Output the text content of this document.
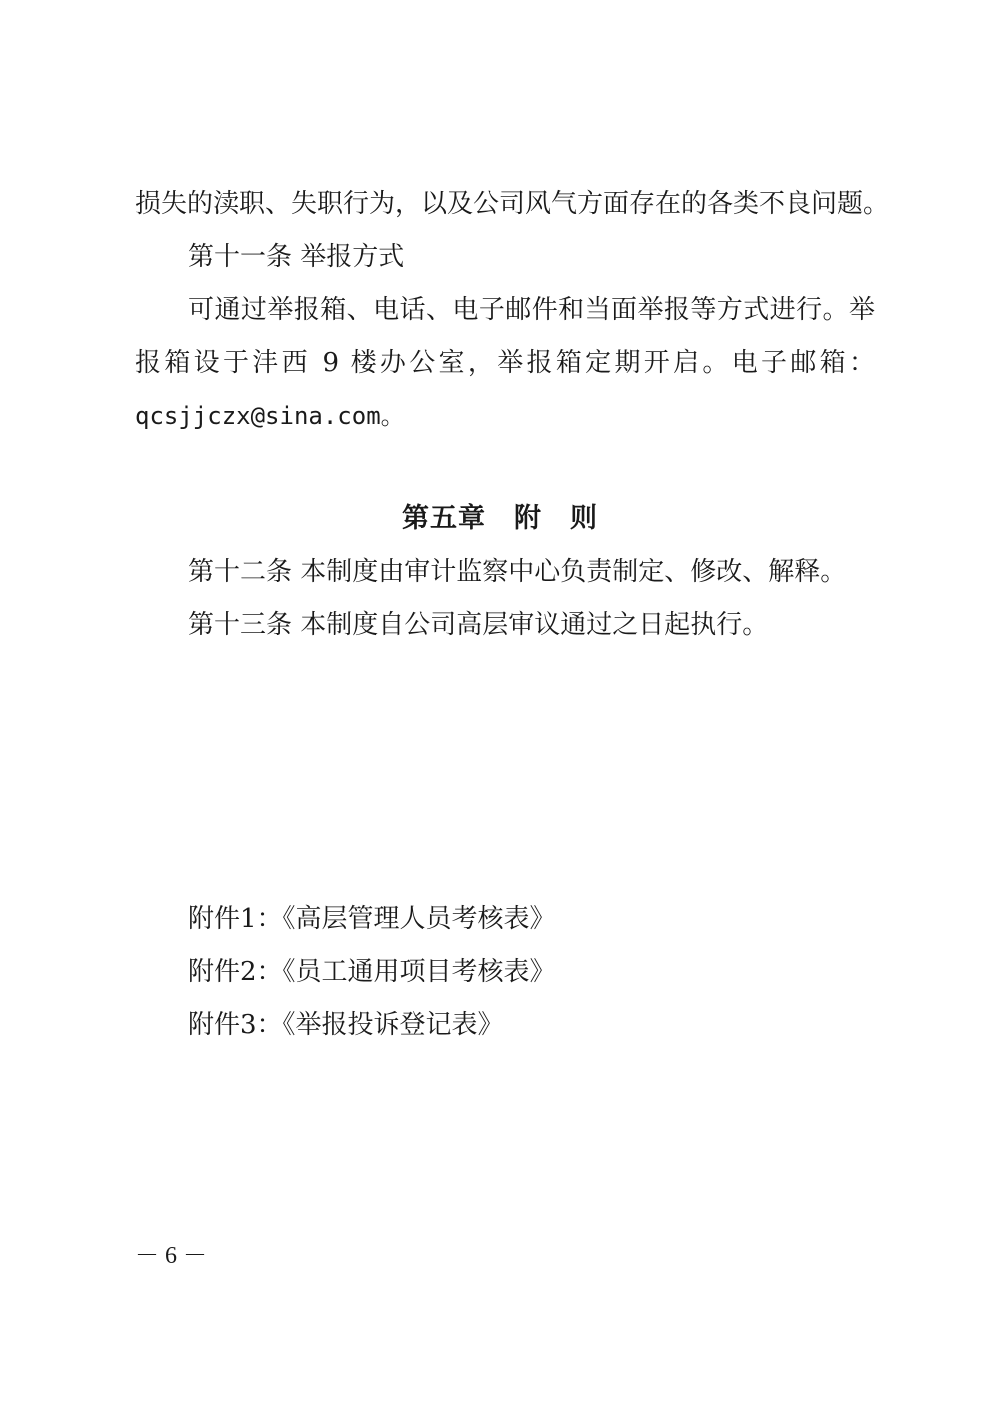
损失的渎职、失职行为，以及公司风气方面存在的各类不良问题。
第十一条 举报方式
可通过举报箱、电话、电子邮件和当面举报等方式进行。举
报箱设于沣西 9 楼办公室，举报箱定期开启。电子邮箱：
qcsjjczx@sina.com。
第五章　附　则
第十二条 本制度由审计监察中心负责制定、修改、解释。
第十三条 本制度自公司高层审议通过之日起执行。
附件1：《高层管理人员考核表》
附件2：《员工通用项目考核表》
附件3：《举报投诉登记表》
－ 6 －
